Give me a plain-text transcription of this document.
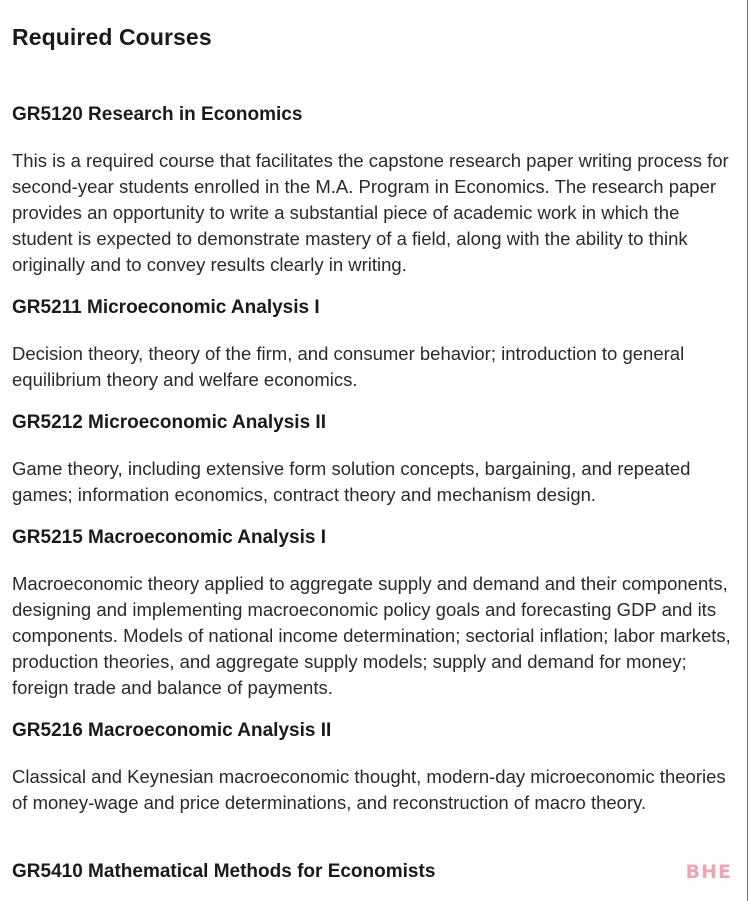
Required Courses
GR5120 Research in Economics

This is a required course that facilitates the capstone research paper writing process for second-year students enrolled in the M.A. Program in Economics. The research paper provides an opportunity to write a substantial piece of academic work in which the student is expected to demonstrate mastery of a field, along with the ability to think originally and to convey results clearly in writing.

GR5211 Microeconomic Analysis I

Decision theory, theory of the firm, and consumer behavior; introduction to general equilibrium theory and welfare economics.

GR5212 Microeconomic Analysis II

Game theory, including extensive form solution concepts, bargaining, and repeated games; information economics, contract theory and mechanism design.

GR5215 Macroeconomic Analysis I

Macroeconomic theory applied to aggregate supply and demand and their components, designing and implementing macroeconomic policy goals and forecasting GDP and its components. Models of national income determination; sectorial inflation; labor markets, production theories, and aggregate supply models; supply and demand for money; foreign trade and balance of payments.

GR5216 Macroeconomic Analysis II

Classical and Keynesian macroeconomic thought, modern-day microeconomic theories of money-wage and price determinations, and reconstruction of macro theory.

GR5410 Mathematical Methods for Economists	BHE
